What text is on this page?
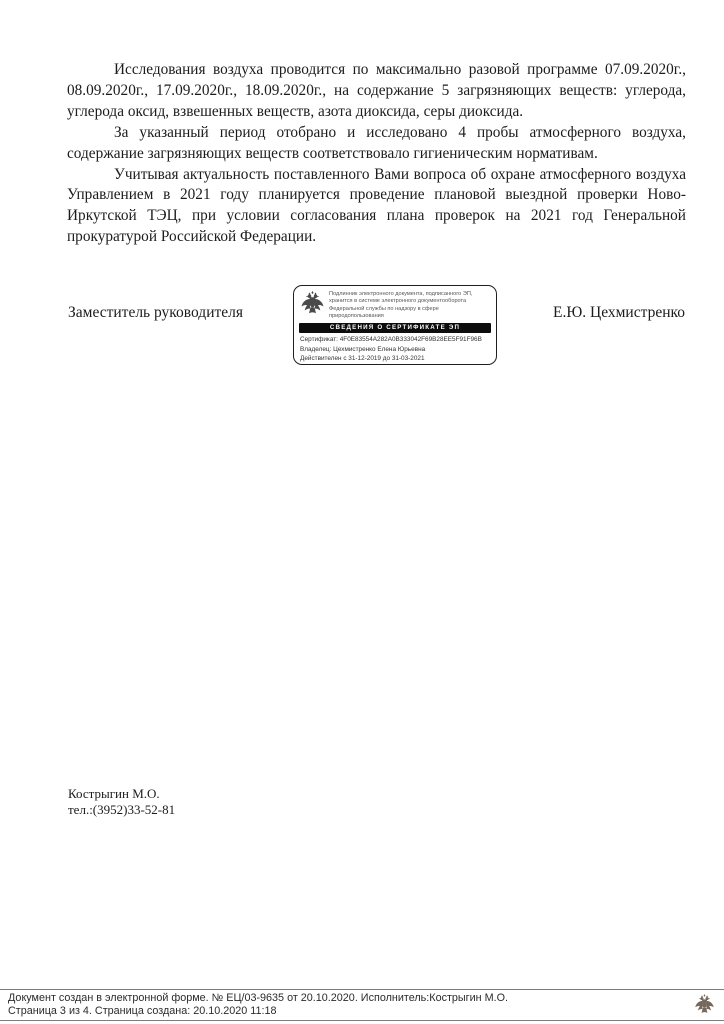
Исследования воздуха проводится по максимально разовой программе 07.09.2020г., 08.09.2020г., 17.09.2020г., 18.09.2020г., на содержание 5 загрязняющих веществ: углерода, углерода оксид, взвешенных веществ, азота диоксида, серы диоксида.

За указанный период отобрано и исследовано 4 пробы атмосферного воздуха, содержание загрязняющих веществ соответствовало гигиеническим нормативам.

Учитывая актуальность поставленного Вами вопроса об охране атмосферного воздуха Управлением в 2021 году планируется проведение плановой выездной проверки Ново-Иркутской ТЭЦ, при условии согласования плана проверок на 2021 год Генеральной прокуратурой Российской Федерации.

Заместитель руководителя	Е.Ю. Цехмистренко
Подлинник электронного документа, подписанного ЭП, хранится в системе электронного документооборота Федеральной службы по надзору в сфере природопользования
СВЕДЕНИЯ О СЕРТИФИКАТЕ ЭП
Сертификат: 4F0E83554A282A0B333042F69B28EE5F91F96B
Владелец: Цехмистренко Елена Юрьевна
Действителен с 31-12-2019 до 31-03-2021
Кострыгин М.О.
тел.:(3952)33-52-81
Документ создан в электронной форме. № ЕЦ/03-9635 от 20.10.2020. Исполнитель:Кострыгин М.О.
Страница 3 из 4. Страница создана: 20.10.2020 11:18
